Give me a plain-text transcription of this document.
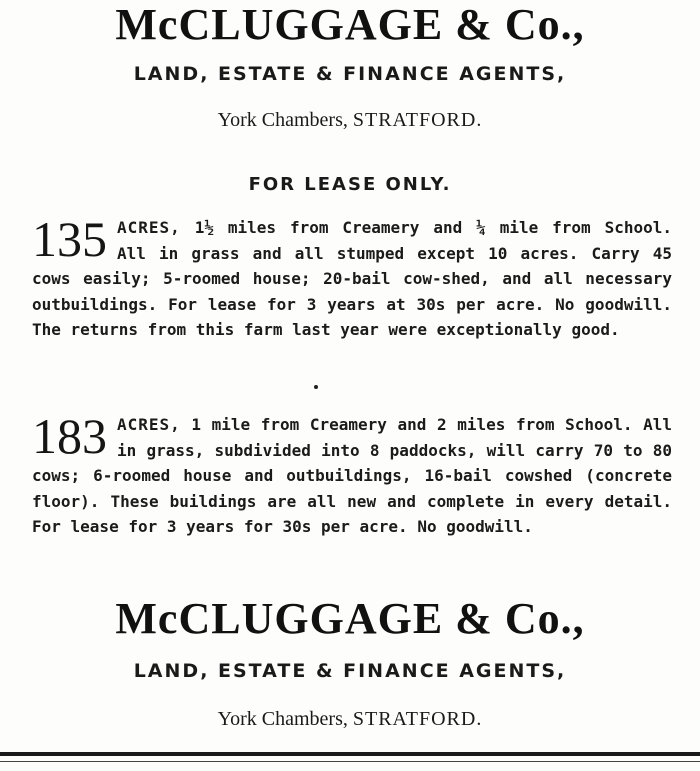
McCLUGGAGE & Co.,
LAND, ESTATE & FINANCE AGENTS,
York Chambers, STRATFORD.
FOR LEASE ONLY.
135 ACRES, 1½ miles from Creamery and ¼ mile from School. All in grass and all stumped except 10 acres. Carry 45 cows easily; 5-roomed house; 20-bail cow-shed, and all necessary outbuildings. For lease for 3 years at 30s per acre. No goodwill. The returns from this farm last year were exceptionally good.
183 ACRES, 1 mile from Creamery and 2 miles from School. All in grass, subdivided into 8 paddocks, will carry 70 to 80 cows; 6-roomed house and outbuildings, 16-bail cowshed (concrete floor). These buildings are all new and complete in every detail. For lease for 3 years for 30s per acre. No goodwill.
McCLUGGAGE & Co.,
LAND, ESTATE & FINANCE AGENTS,
York Chambers, STRATFORD.
